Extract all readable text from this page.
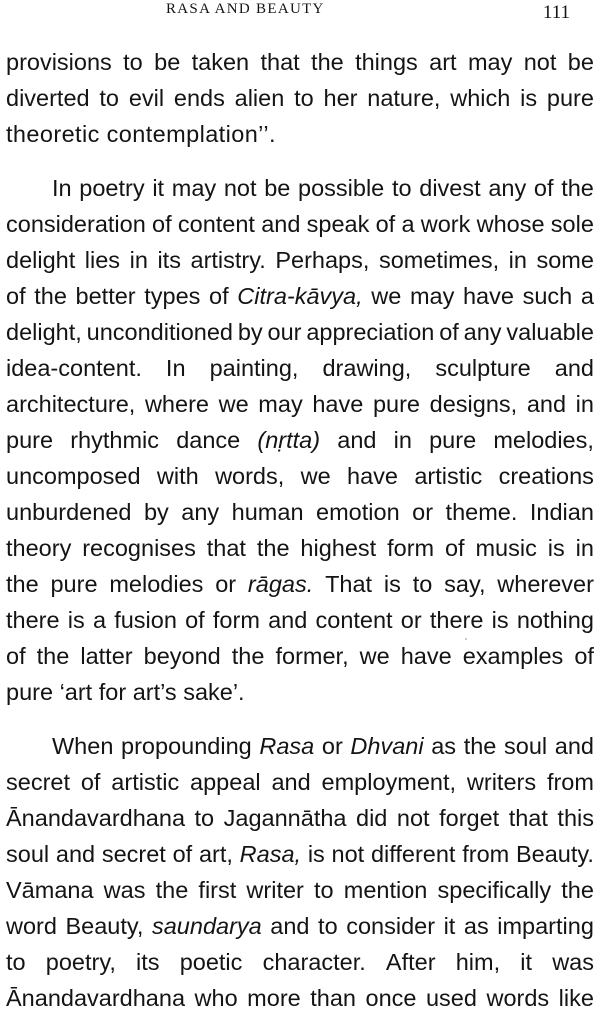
RASA AND BEAUTY	111
provisions to be taken that the things art may not be
diverted to evil ends alien to her nature, which is pure
theoretic contemplation’’.
In poetry it may not be possible to divest any of the
consideration of content and speak of a work whose sole
delight lies in its artistry. Perhaps, sometimes, in some
of the better types of Citra-kāvya, we may have such a
delight, unconditioned by our appreciation of any valuable
idea-content. In painting, drawing, sculpture and
architecture, where we may have pure designs, and in
pure rhythmic dance (nṛtta) and in pure melodies,
uncomposed with words, we have artistic creations
unburdened by any human emotion or theme. Indian
theory recognises that the highest form of music is in
the pure melodies or rāgas. That is to say, wherever
there is a fusion of form and content or there is nothing
of the latter beyond the former, we have examples of
pure ‘art for art’s sake’.
When propounding Rasa or Dhvani as the soul and
secret of artistic appeal and employment, writers from
Ānandavardhana to Jagannātha did not forget that this
soul and secret of art, Rasa, is not different from Beauty.
Vāmana was the first writer to mention specifically the
word Beauty, saundarya and to consider it as imparting
to poetry, its poetic character. After him, it was
Ānandavardhana who more than once used words like
